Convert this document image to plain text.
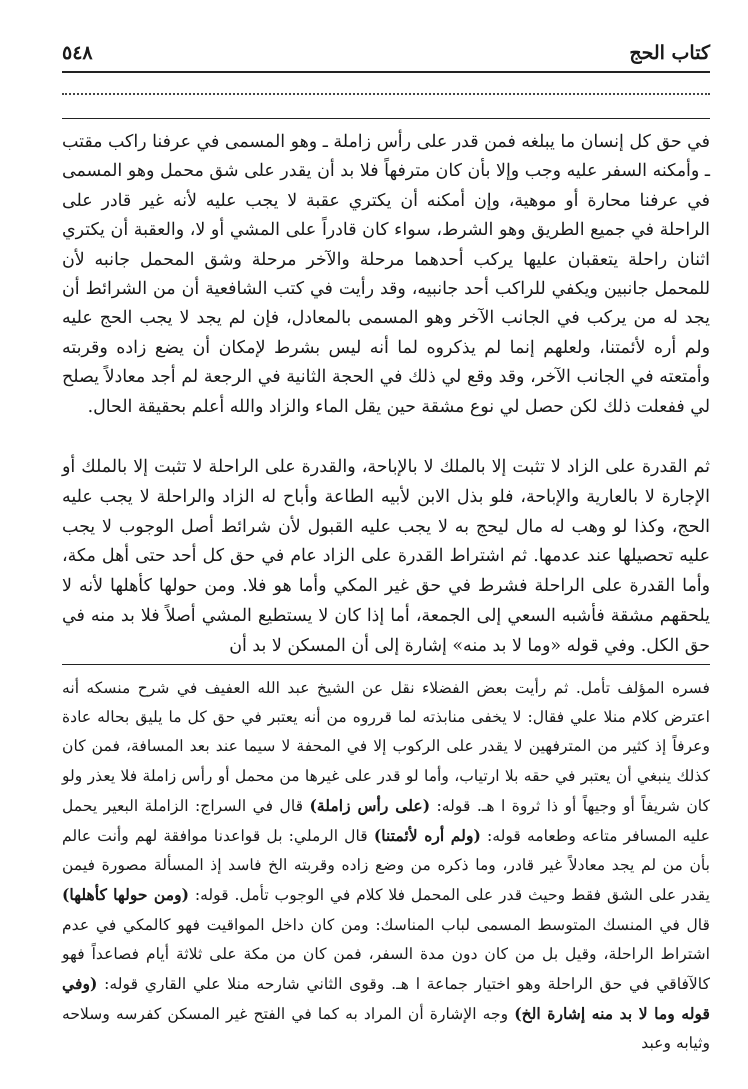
٥٤٨	كتاب الحج

في حق كل إنسان ما يبلغه فمن قدر على رأس زاملة ـ وهو المسمى في عرفنا راكب مقتب ـ وأمكنه السفر عليه وجب وإلا بأن كان مترفهاً فلا بد أن يقدر على شق محمل وهو المسمى في عرفنا محارة أو موهية، وإن أمكنه أن يكتري عقبة لا يجب عليه لأنه غير قادر على الراحلة في جميع الطريق وهو الشرط، سواء كان قادراً على المشي أو لا، والعقبة أن يكتري اثنان راحلة يتعقبان عليها يركب أحدهما مرحلة والآخر مرحلة وشق المحمل جانبه لأن للمحمل جانبين ويكفي للراكب أحد جانبيه، وقد رأيت في كتب الشافعية أن من الشرائط أن يجد له من يركب في الجانب الآخر وهو المسمى بالمعادل، فإن لم يجد لا يجب الحج عليه ولم أره لأئمتنا، ولعلهم إنما لم يذكروه لما أنه ليس بشرط لإمكان أن يضع زاده وقربته وأمتعته في الجانب الآخر، وقد وقع لي ذلك في الحجة الثانية في الرجعة لم أجد معادلاً يصلح لي ففعلت ذلك لكن حصل لي نوع مشقة حين يقل الماء والزاد والله أعلم بحقيقة الحال.

ثم القدرة على الزاد لا تثبت إلا بالملك لا بالإباحة، والقدرة على الراحلة لا تثبت إلا بالملك أو الإجارة لا بالعارية والإباحة، فلو بذل الابن لأبيه الطاعة وأباح له الزاد والراحلة لا يجب عليه الحج، وكذا لو وهب له مال ليحج به لا يجب عليه القبول لأن شرائط أصل الوجوب لا يجب عليه تحصيلها عند عدمها. ثم اشتراط القدرة على الزاد عام في حق كل أحد حتى أهل مكة، وأما القدرة على الراحلة فشرط في حق غير المكي وأما هو فلا. ومن حولها كأهلها لأنه لا يلحقهم مشقة فأشبه السعي إلى الجمعة، أما إذا كان لا يستطيع المشي أصلاً فلا بد منه في حق الكل. وفي قوله «وما لا بد منه» إشارة إلى أن المسكن لا بد أن

فسره المؤلف تأمل. ثم رأيت بعض الفضلاء نقل عن الشيخ عبد الله العفيف في شرح منسكه أنه اعترض كلام منلا علي فقال: لا يخفى منابذته لما قرروه من أنه يعتبر في حق كل ما يليق بحاله عادة وعرفاً إذ كثير من المترفهين لا يقدر على الركوب إلا في المحفة لا سيما عند بعد المسافة، فمن كان كذلك ينبغي أن يعتبر في حقه بلا ارتياب، وأما لو قدر على غيرها من محمل أو رأس زاملة فلا يعذر ولو كان شريفاً أو وجيهاً أو ذا ثروة ا هـ. قوله: (على رأس زاملة) قال في السراج: الزاملة البعير يحمل عليه المسافر متاعه وطعامه قوله: (ولم أره لأئمتنا) قال الرملي: بل قواعدنا موافقة لهم وأنت عالم بأن من لم يجد معادلاً غير قادر، وما ذكره من وضع زاده وقربته الخ فاسد إذ المسألة مصورة فيمن يقدر على الشق فقط وحيث قدر على المحمل فلا كلام في الوجوب تأمل. قوله: (ومن حولها كأهلها) قال في المنسك المتوسط المسمى لباب المناسك: ومن كان داخل المواقيت فهو كالمكي في عدم اشتراط الراحلة، وقيل بل من كان دون مدة السفر، فمن كان من مكة على ثلاثة أيام فصاعداً فهو كالآفاقي في حق الراحلة وهو اختيار جماعة ا هـ. وقوى الثاني شارحه منلا علي القاري قوله: (وفي قوله وما لا بد منه إشارة الخ) وجه الإشارة أن المراد به كما في الفتح غير المسكن كفرسه وسلاحه وثيابه وعبد
